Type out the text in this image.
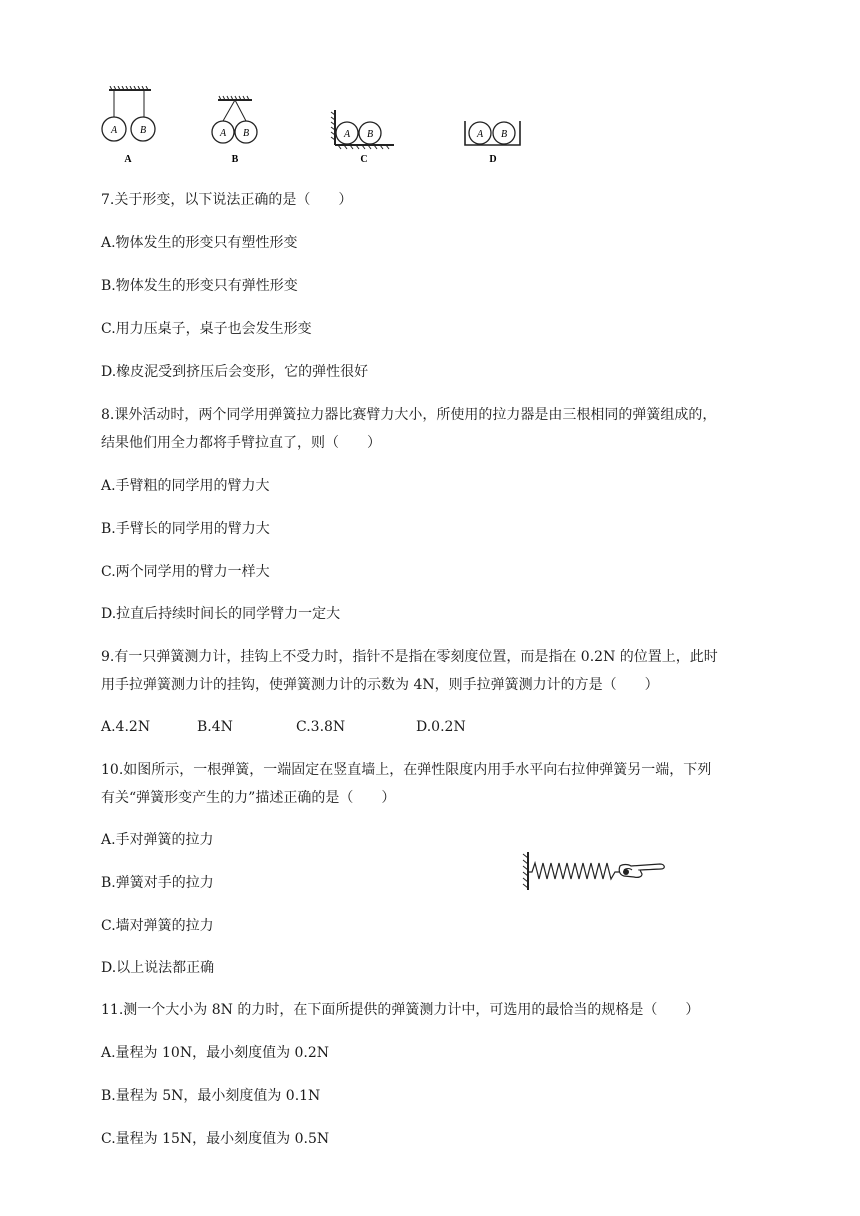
A B
A
A B
B
A B
C
A B
D
7.关于形变，以下说法正确的是（　　）
A.物体发生的形变只有塑性形变
B.物体发生的形变只有弹性形变
C.用力压桌子，桌子也会发生形变
D.橡皮泥受到挤压后会变形，它的弹性很好
8.课外活动时，两个同学用弹簧拉力器比赛臂力大小，所使用的拉力器是由三根相同的弹簧组成的，
结果他们用全力都将手臂拉直了，则（　　）
A.手臂粗的同学用的臂力大
B.手臂长的同学用的臂力大
C.两个同学用的臂力一样大
D.拉直后持续时间长的同学臂力一定大
9.有一只弹簧测力计，挂钩上不受力时，指针不是指在零刻度位置，而是指在 0.2N 的位置上，此时
用手拉弹簧测力计的挂钩，使弹簧测力计的示数为 4N，则手拉弹簧测力计的方是（　　）
A.4.2N	B.4N	C.3.8N	D.0.2N
10.如图所示，一根弹簧，一端固定在竖直墙上，在弹性限度内用手水平向右拉伸弹簧另一端，下列
有关“弹簧形变产生的力”描述正确的是（　　）
A.手对弹簧的拉力
B.弹簧对手的拉力
C.墙对弹簧的拉力
D.以上说法都正确
11.测一个大小为 8N 的力时，在下面所提供的弹簧测力计中，可选用的最恰当的规格是（　　）
A.量程为 10N，最小刻度值为 0.2N
B.量程为 5N，最小刻度值为 0.1N
C.量程为 15N，最小刻度值为 0.5N
